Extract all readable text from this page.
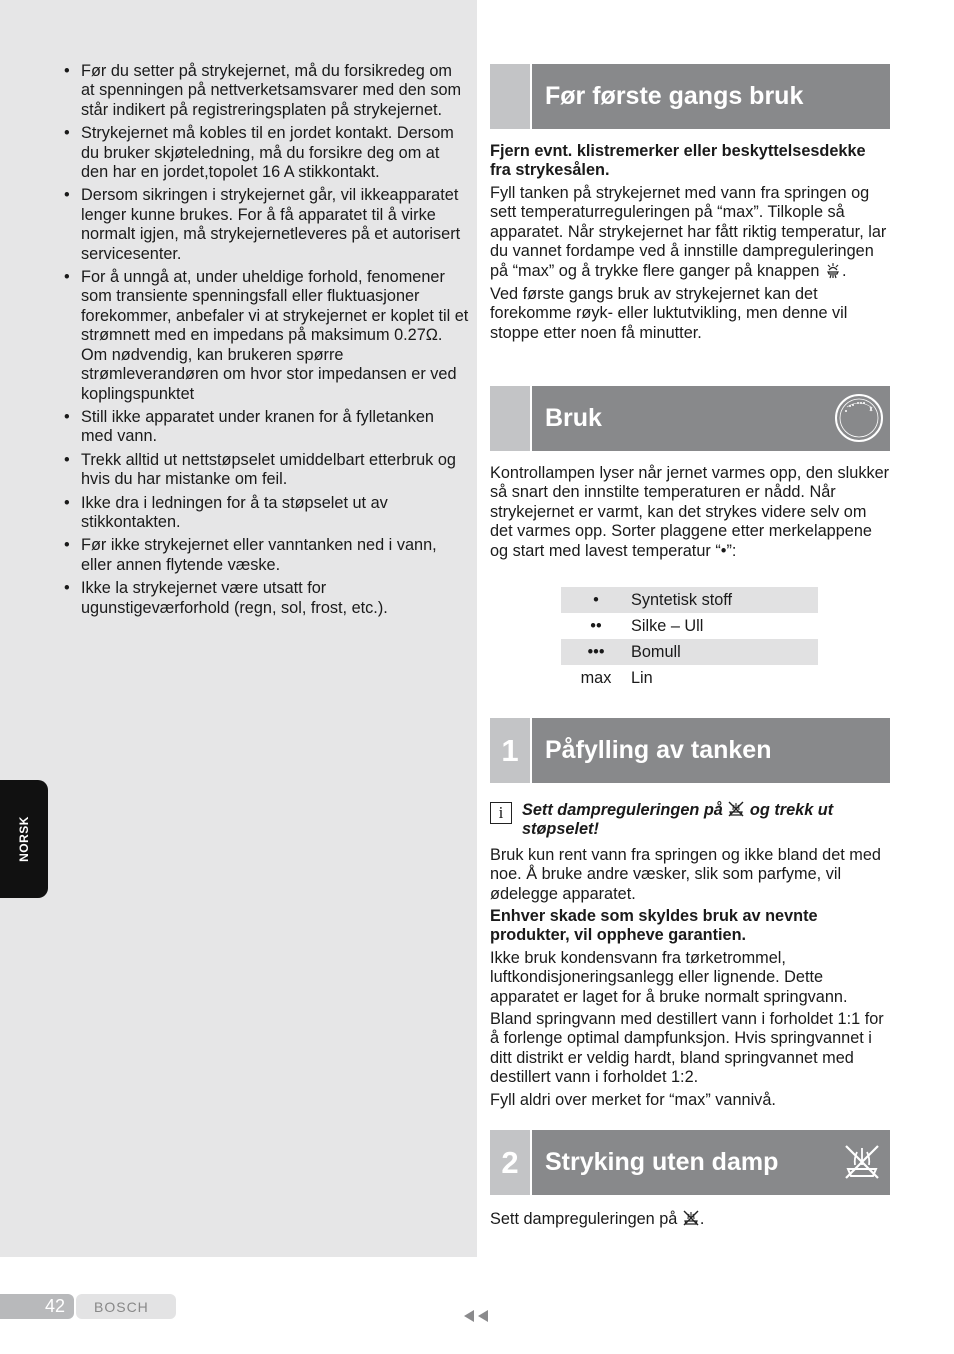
• Før du setter på strykejernet, må du forsikredeg om at spenningen på nettverketsamsvarer med den som står indikert på registreringsplaten på strykejernet.
• Strykejernet må kobles til en jordet kontakt. Dersom du bruker skjøteledning, må du forsikre deg om at den har en jordet,topolet 16 A stikkontakt.
• Dersom sikringen i strykejernet går, vil ikkeapparatet lenger kunne brukes. For å få apparatet til å virke normalt igjen, må strykejernetleveres på et autorisert servicesenter.
• For å unngå at, under uheldige forhold, fenomener som transiente spenningsfall eller fluktuasjoner forekommer, anbefaler vi at strykejernet er koplet til et strømnett med en impedans på maksimum 0.27Ω. Om nødvendig, kan brukeren spørre strømleverandøren om hvor stor impedansen er ved koplingspunktet
• Still ikke apparatet under kranen for å fylletanken med vann.
• Trekk alltid ut nettstøpselet umiddelbart etterbruk og hvis du har mistanke om feil.
• Ikke dra i ledningen for å ta støpselet ut av stikkontakten.
• Før ikke strykejernet eller vanntanken ned i vann, eller annen flytende væske.
• Ikke la strykejernet være utsatt for ugunstigeværforhold (regn, sol, frost, etc.).
NORSK
Før første gangs bruk

Fjern evnt. klistremerker eller beskyttelsesdekke fra strykesålen.

Fyll tanken på strykejernet med vann fra springen og sett temperaturreguleringen på “max”. Tilkople så apparatet. Når strykejernet har fått riktig temperatur, lar du vannet fordampe ved å innstille dampreguleringen på “max” og å trykke flere ganger på knappen .

Ved første gangs bruk av strykejernet kan det forekomme røyk- eller luktutvikling, men denne vil stoppe etter noen få minutter.

Bruk

Kontrollampen lyser når jernet varmes opp, den slukker så snart den innstilte temperaturen er nådd. Når strykejernet er varmt, kan det strykes videre selv om det varmes opp. Sorter plaggene etter merkelappene og start med lavest temperatur “•”:

•	Syntetisk stoff
••	Silke – Ull
•••	Bomull
max	Lin
1 Påfylling av tanken
i	Sett dampreguleringen på og trekk ut støpselet!

Bruk kun rent vann fra springen og ikke bland det med noe. Å bruke andre væsker, slik som parfyme, vil ødelegge apparatet.

Enhver skade som skyldes bruk av nevnte produkter, vil oppheve garantien.

Ikke bruk kondensvann fra tørketrommel, luftkondisjoneringsanlegg eller lignende. Dette apparatet er laget for å bruke normalt springvann.

Bland springvann med destillert vann i forholdet 1:1 for å forlenge optimal dampfunksjon. Hvis springvannet i ditt distrikt er veldig hardt, bland springvannet med destillert vann i forholdet 1:2.

Fyll aldri over merket for “max” vannivå.

2 Stryking uten damp

Sett dampreguleringen på .

42	BOSCH
